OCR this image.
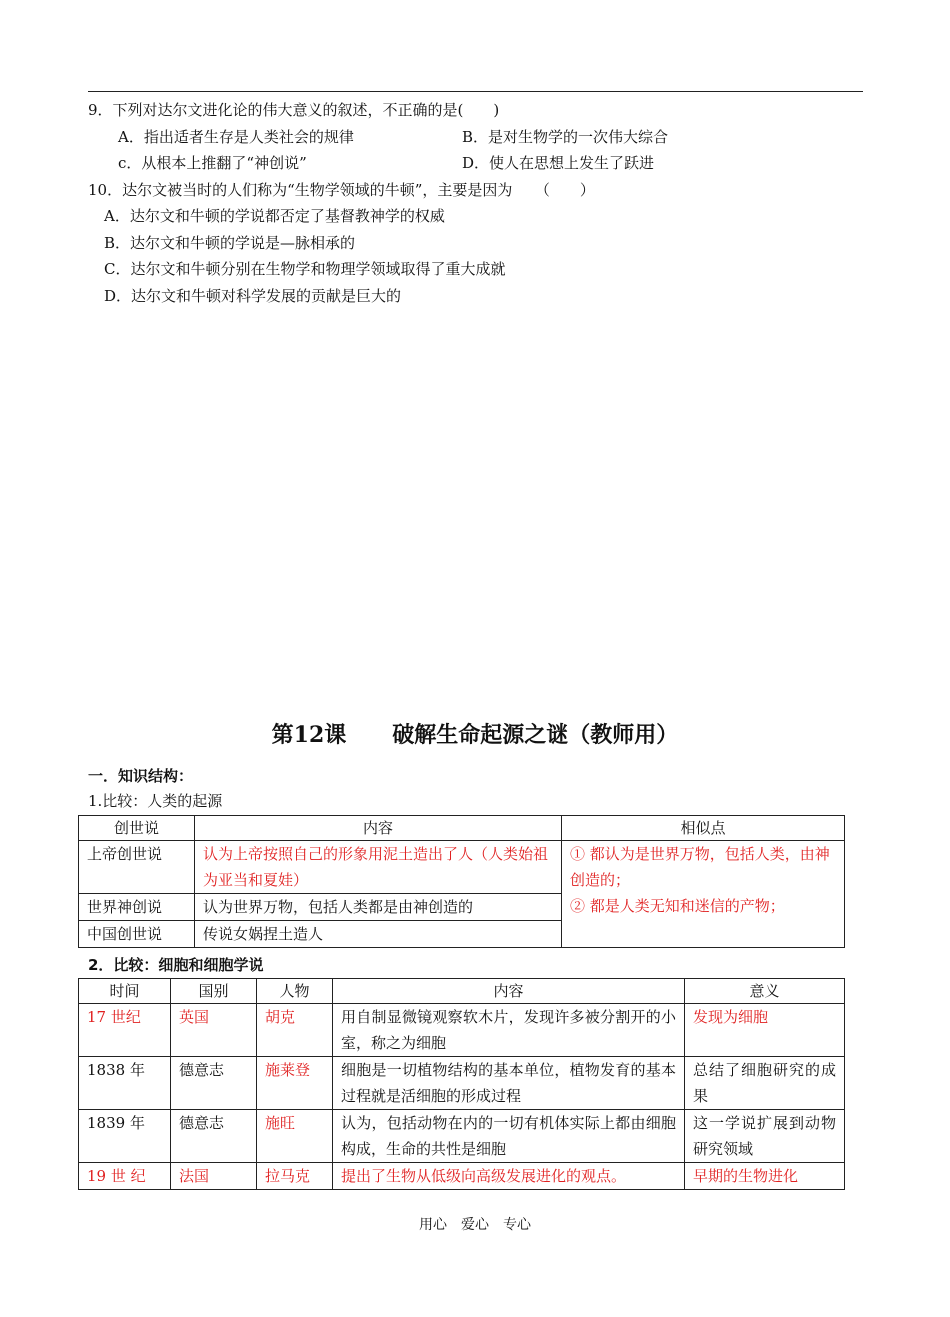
9．下列对达尔文进化论的伟大意义的叙述，不正确的是(　　)
A．指出适者生存是人类社会的规律	B．是对生物学的一次伟大综合
c．从根本上推翻了“神创说”	D．使人在思想上发生了跃进
10．达尔文被当时的人们称为“生物学领域的牛顿”，主要是因为　　（　　）
A．达尔文和牛顿的学说都否定了基督教神学的权威
B．达尔文和牛顿的学说是—脉相承的
C．达尔文和牛顿分别在生物学和物理学领域取得了重大成就
D．达尔文和牛顿对科学发展的贡献是巨大的
第12课 破解生命起源之谜（教师用）
一．知识结构：
1.比较：人类的起源
创世说	内容	相似点
上帝创世说	认为上帝按照自己的形象用泥土造出了人（人类始祖为亚当和夏娃）	① 都认为是世界万物，包括人类，由神创造的；
② 都是人类无知和迷信的产物；

世界神创说	认为世界万物，包括人类都是由神创造的	
中国创世说	传说女娲捏土造人	
2．比较：细胞和细胞学说
时间	国别	人物	内容	意义
17 世纪	英国	胡克	用自制显微镜观察软木片，发现许多被分割开的小室，称之为细胞	发现为细胞
1838 年	德意志	施莱登	细胞是一切植物结构的基本单位，植物发育的基本过程就是活细胞的形成过程	总结了细胞研究的成果
1839 年	德意志	施旺	认为，包括动物在内的一切有机体实际上都由细胞构成，生命的共性是细胞	这一学说扩展到动物研究领域
19 世 纪	法国	拉马克	提出了生物从低级向高级发展进化的观点。	早期的生物进化
用心　爱心　专心
